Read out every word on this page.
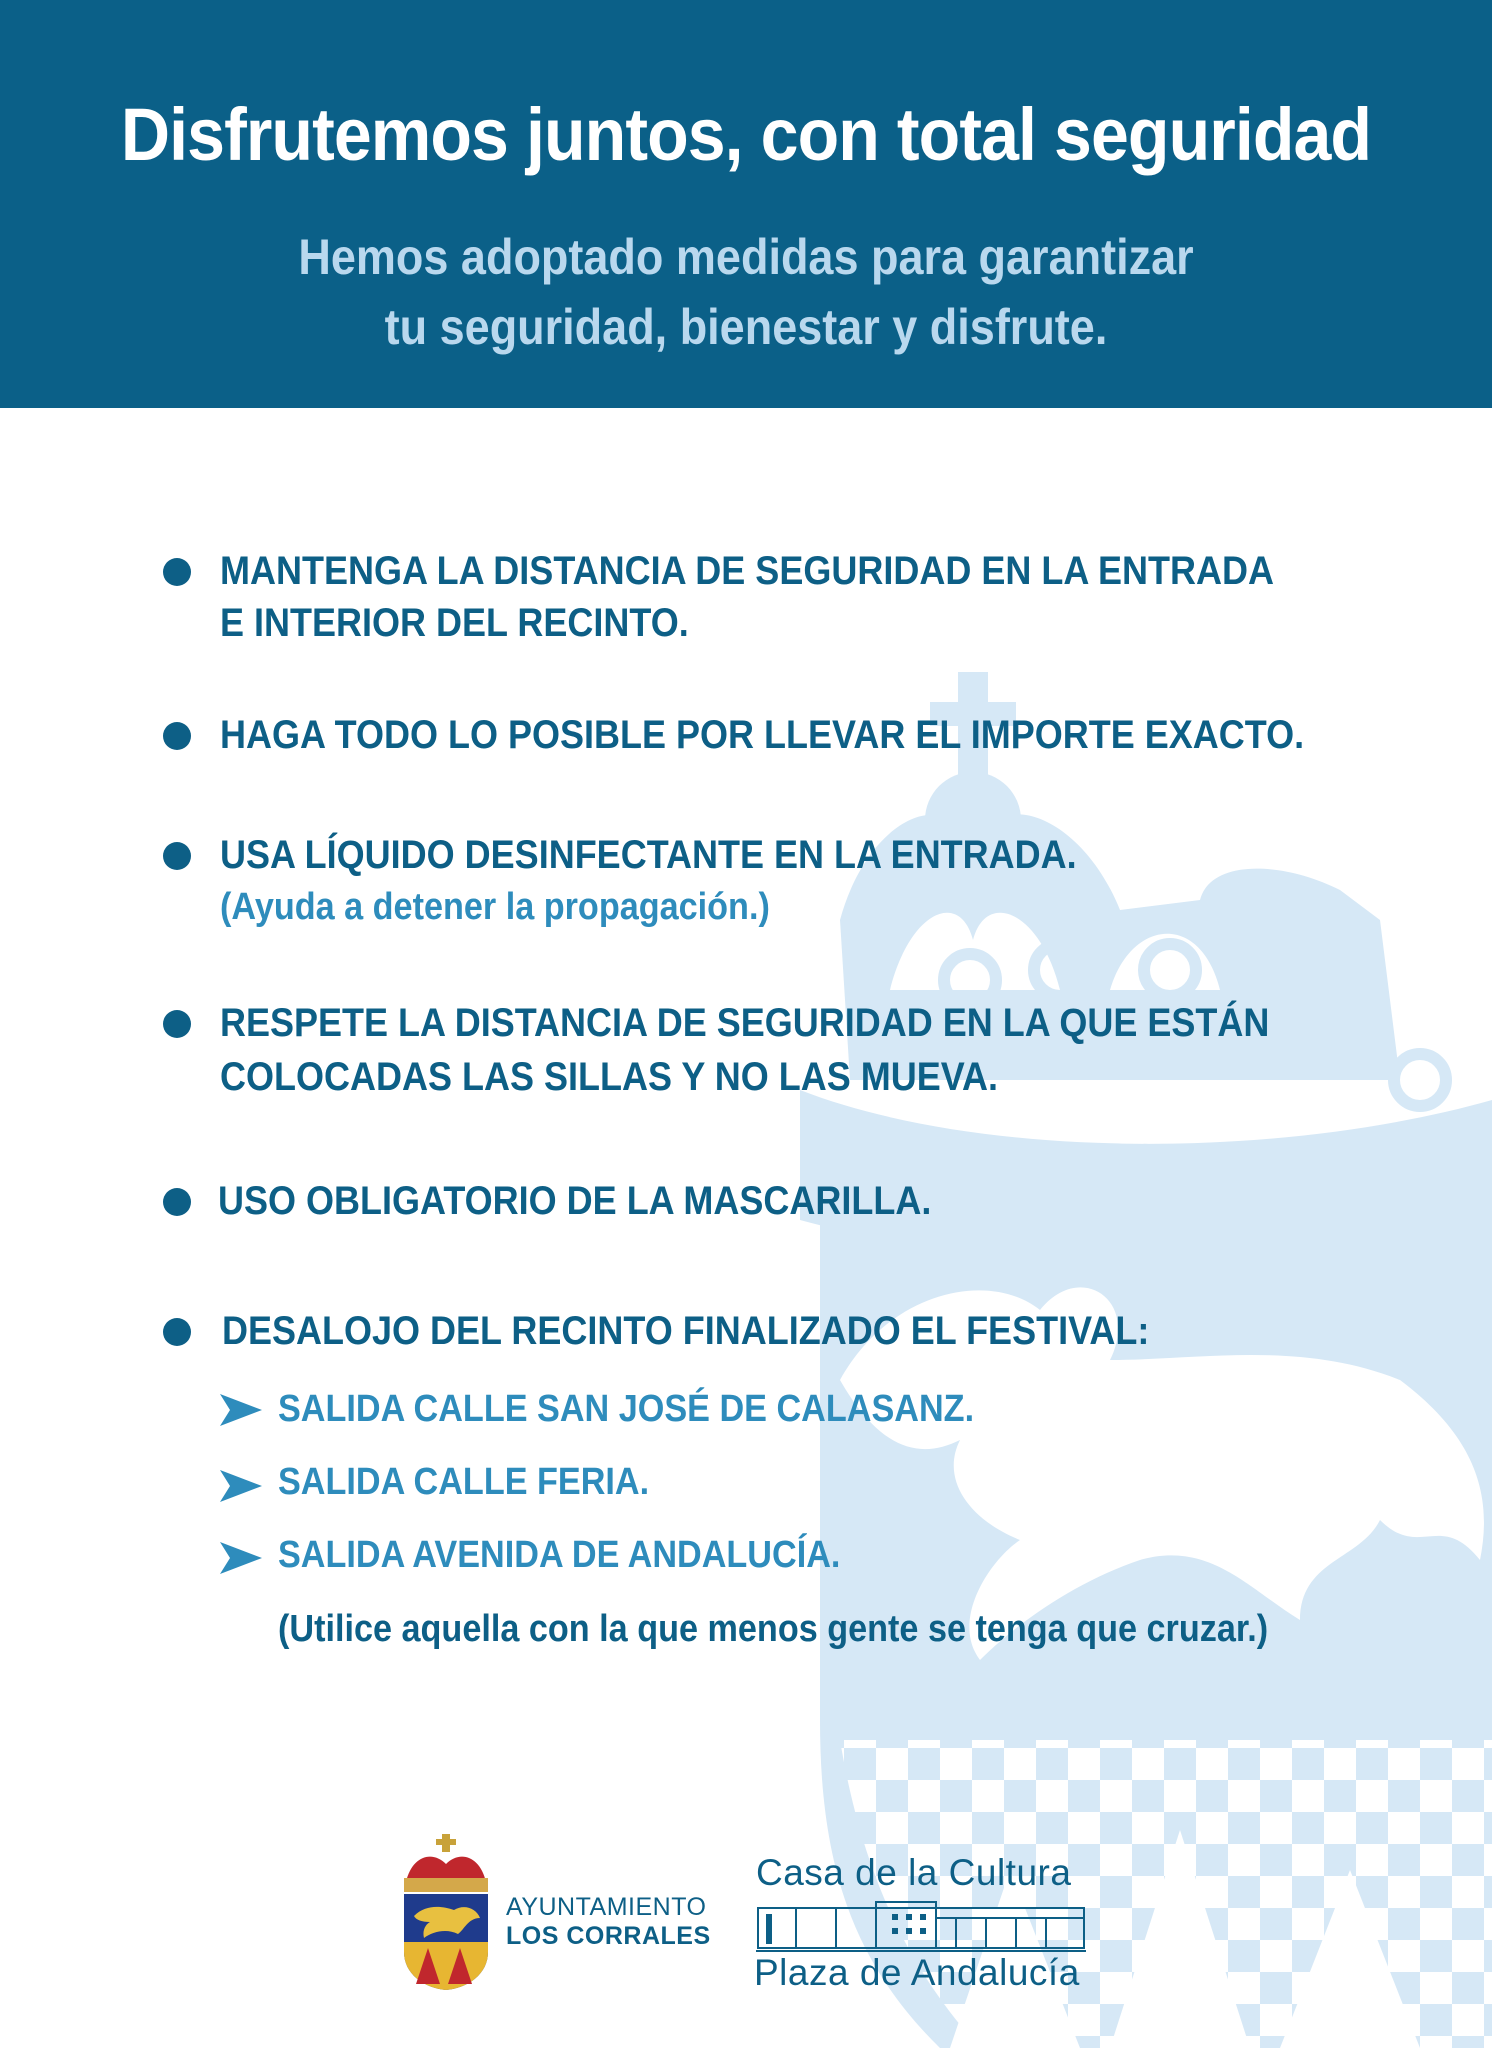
Disfrutemos juntos, con total seguridad
Hemos adoptado medidas para garantizar
tu seguridad, bienestar y disfrute.
MANTENGA LA DISTANCIA DE SEGURIDAD EN LA ENTRADA
E INTERIOR DEL RECINTO.
HAGA TODO LO POSIBLE POR LLEVAR EL IMPORTE EXACTO.
USA LÍQUIDO DESINFECTANTE EN LA ENTRADA.
(Ayuda a detener la propagación.)
RESPETE LA DISTANCIA DE SEGURIDAD EN LA QUE ESTÁN
COLOCADAS LAS SILLAS Y NO LAS MUEVA.
USO OBLIGATORIO DE LA MASCARILLA.
DESALOJO DEL RECINTO FINALIZADO EL FESTIVAL:
SALIDA CALLE SAN JOSÉ DE CALASANZ.
SALIDA CALLE FERIA.
SALIDA AVENIDA DE ANDALUCÍA.
(Utilice aquella con la que menos gente se tenga que cruzar.)
AYUNTAMIENTO
LOS CORRALES
Casa de la Cultura
Plaza de Andalucía
